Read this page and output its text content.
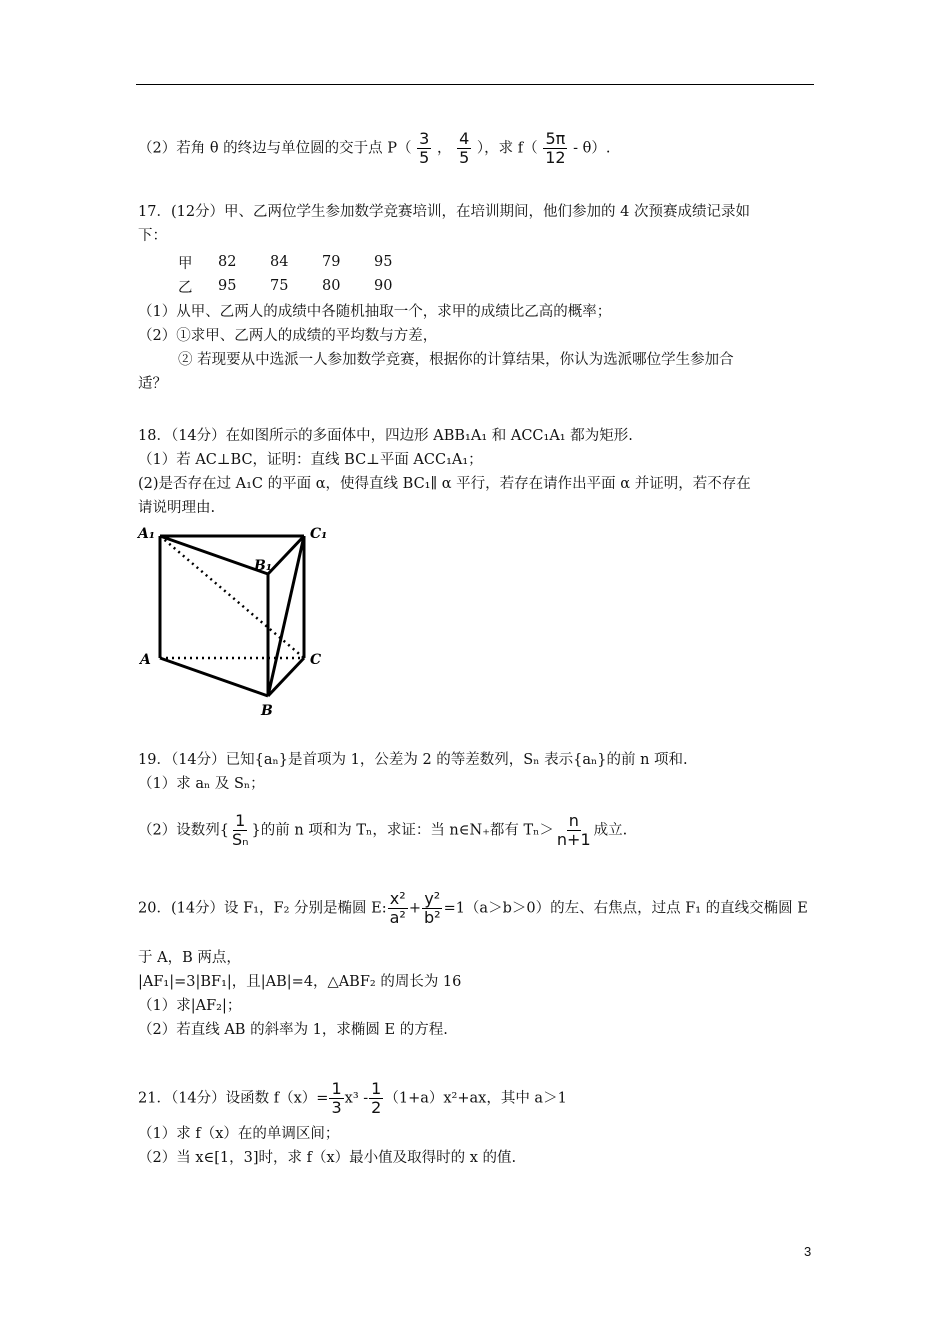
（2）若角 θ 的终边与单位圆的交于点 $P( \frac{3}{5}$ ， $\frac{4}{5}$ ），求 $f( \frac{5\pi}{12} - \theta)$.
17．(12分）甲、乙两位学生参加数学竞赛培训，在培训期间，他们参加的 4 次预赛成绩记录如
下：
甲	82	84	79	95
乙	95	75	80	90
（1）从甲、乙两人的成绩中各随机抽取一个，求甲的成绩比乙高的概率；
（2）①求甲、乙两人的成绩的平均数与方差，
② 若现要从中选派一人参加数学竞赛，根据你的计算结果，你认为选派哪位学生参加合
适？
18．（14分）在如图所示的多面体中，四边形 ABB₁A₁ 和 ACC₁A₁ 都为矩形.
（1）若 AC⊥BC，证明：直线 BC⊥平面 ACC₁A₁；
(2)是否存在过 A₁C 的平面 α，使得直线 BC₁∥ α 平行，若存在请作出平面 α 并证明，若不存在
请说明理由.
A₁	C₁
B₁
A	C
B
19．（14分）已知{aₙ}是首项为 1，公差为 2 的等差数列，Sₙ 表示{aₙ}的前 n 项和.
（1）求 aₙ 及 Sₙ；
（2）设数列{ $\frac{1}{\text{Sₙ}}$ }的前 n 项和为 Tₙ，求证：当 n∈N₊都有 $T_n> \frac{n}{n+1}$ 成立.
20．(14分）设 F₁，F₂ 分别是椭圆 E: $\frac{\text{x²}}{\text{a²}} + \frac{\text{y²}}{\text{b²}} =1(a>b>0)$的左、右焦点，过点 F₁ 的直线交椭圆 E
于 A，B 两点，
|AF₁|=3|BF₁|，且|AB|=4，△ABF₂ 的周长为 16
（1）求|AF₂|；
（2）若直线 AB 的斜率为 1，求椭圆 E 的方程.
21．（14分）设函数 $f(x)= \frac{1}{3} x^3 - \frac{1}{2} (1+a)x^2+ax$，其中 a＞1
（1）求 f（x）在的单调区间；
（2）当 x∈[1，3]时，求 f（x）最小值及取得时的 x 的值.
3
